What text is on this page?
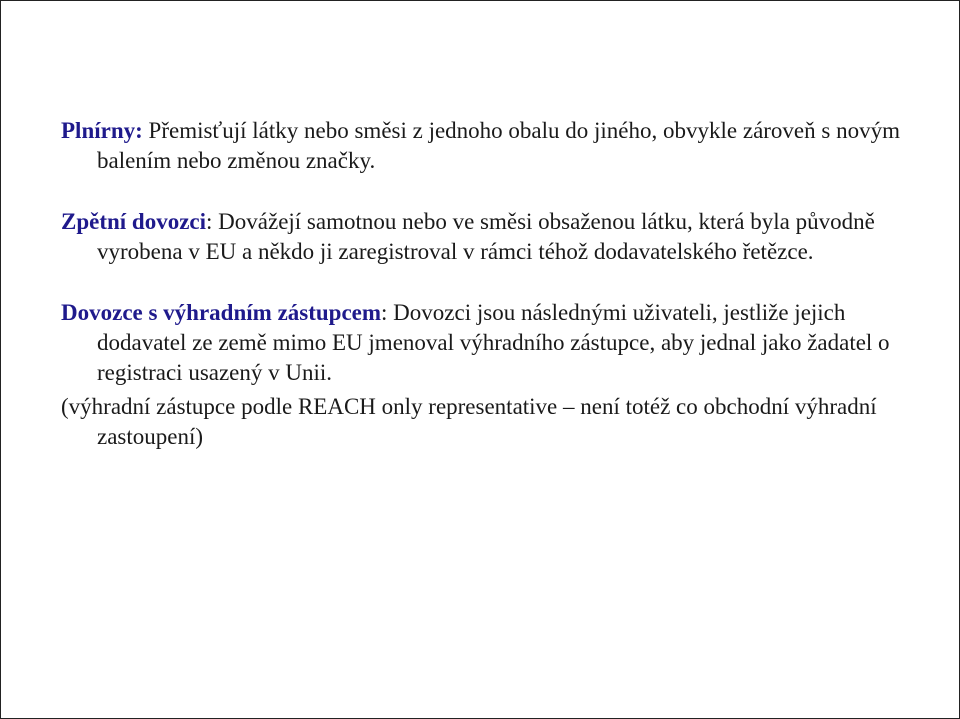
Plnírny: Přemisťují látky nebo směsi z jednoho obalu do jiného, obvykle zároveň s novým balením nebo změnou značky.

Zpětní dovozci: Dovážejí samotnou nebo ve směsi obsaženou látku, která byla původně vyrobena v EU a někdo ji zaregistroval v rámci téhož dodavatelského řetězce.

Dovozce s výhradním zástupcem: Dovozci jsou následnými uživateli, jestliže jejich dodavatel ze země mimo EU jmenoval výhradního zástupce, aby jednal jako žadatel o registraci usazený v Unii.

(výhradní zástupce podle REACH only representative – není totéž co obchodní výhradní zastoupení)
